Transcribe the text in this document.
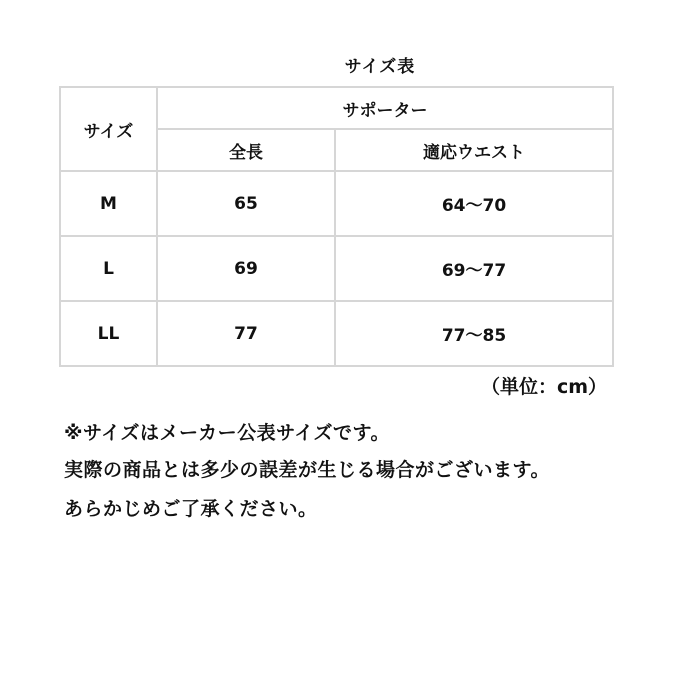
サイズ表
サイズ	サポーター	
	全長	適応ウエスト
M	65	64～70
L	69	69～77
LL	77	77～85
（単位：cm）
※サイズはメーカー公表サイズです。
実際の商品とは多少の誤差が生じる場合がございます。
あらかじめご了承ください。
